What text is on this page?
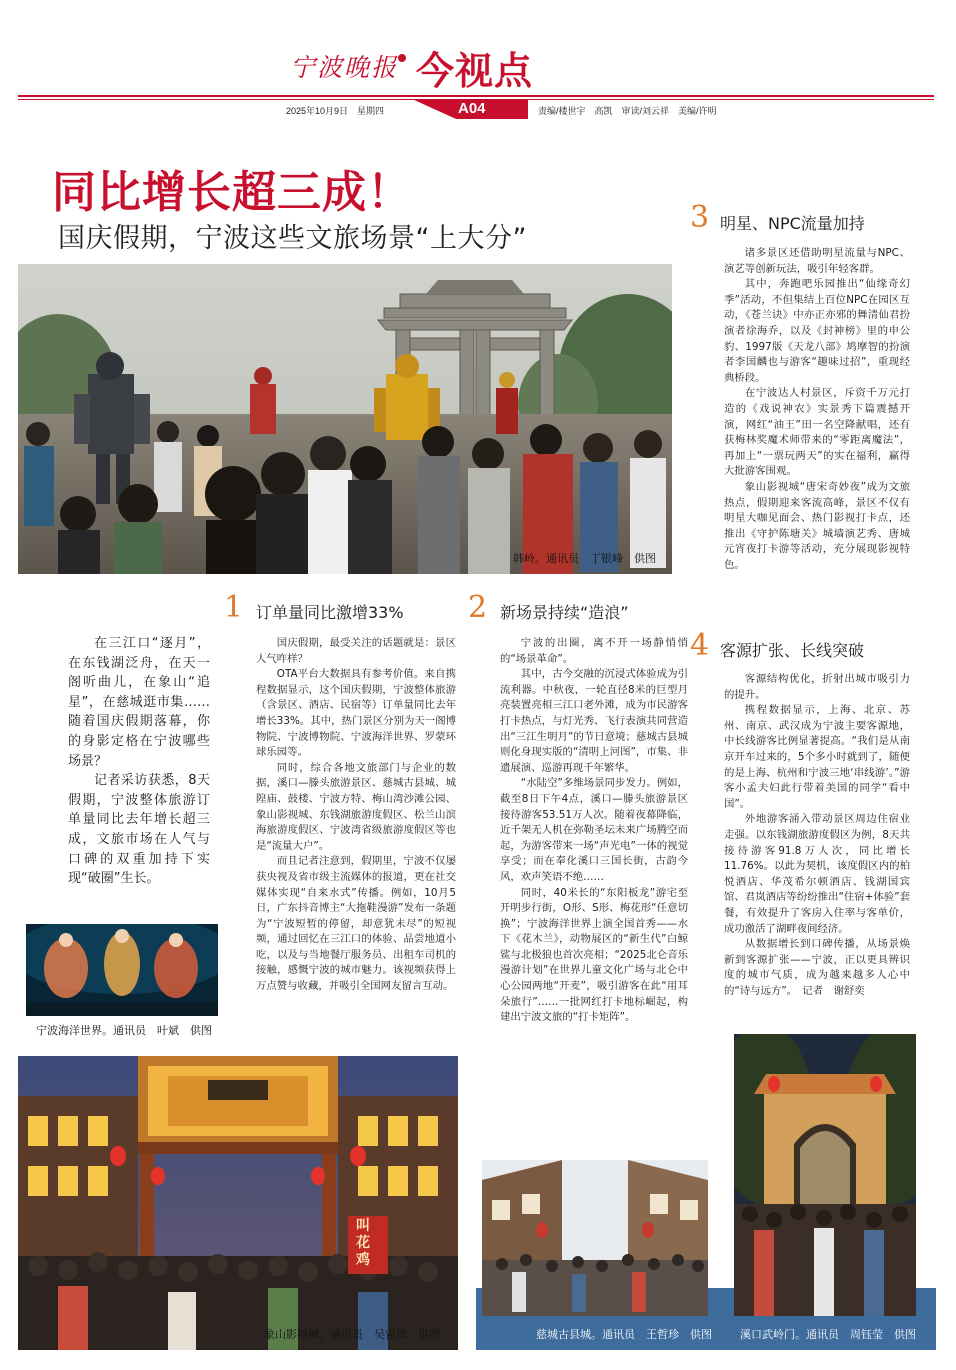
宁波晚报 今视点
A04
2025年10月9日　星期四	责编/楼世宇　高凯　审读/刘云祥　美编/许明
同比增长超三成！
国庆假期，宁波这些文旅场景“上大分”
韩岭。通讯员　丁银峰　供图
3 明星、NPC流量加持

诸多景区还借助明星流量与NPC、演艺等创新玩法，吸引年轻客群。

其中，奔跑吧乐园推出“仙缘奇幻季”活动，不但集结上百位NPC在园区互动，《苍兰诀》中亦正亦邪的舞清仙君扮演者徐海乔，以及《封神榜》里的申公豹、1997版《天龙八部》鸠摩智的扮演者李国麟也与游客“趣味过招”，重现经典桥段。

在宁波达人村景区，斥资千万元打造的《戏说神农》实景秀下篇震撼开演，网红“油王”田一名空降献唱，还有获梅林奖魔术师带来的“零距离魔法”，再加上“一票玩两天”的实在福利，赢得大批游客围观。

象山影视城“唐宋奇妙夜”成为文旅热点，假期迎来客流高峰，景区不仅有明星大咖见面会、热门影视打卡点，还推出《守护陈塘关》城墙演艺秀、唐城元宵夜打卡游等活动，充分展现影视特色。

在三江口“逐月”，在东钱湖泛舟，在天一阁听曲儿，在象山“追星”，在慈城逛市集……随着国庆假期落幕，你的身影定格在宁波哪些场景？

记者采访获悉，8天假期，宁波整体旅游订单量同比去年增长超三成，文旅市场在人气与口碑的双重加持下实现“破圈”生长。

宁波海洋世界。通讯员　叶斌　供图
1 订单量同比激增33%

国庆假期，最受关注的话题就是：景区人气咋样？

OTA平台大数据具有参考价值。来自携程数据显示，这个国庆假期，宁波整体旅游（含景区、酒店、民宿等）订单量同比去年增长33%。其中，热门景区分别为天一阁博物院、宁波博物院、宁波海洋世界、罗蒙环球乐园等。

同时，综合各地文旅部门与企业的数据，溪口—滕头旅游景区、慈城古县城、城隍庙、鼓楼、宁波方特、梅山湾沙滩公园、象山影视城、东钱湖旅游度假区、松兰山滨海旅游度假区、宁波湾省级旅游度假区等也是“流量大户”。

而且记者注意到，假期里，宁波不仅屡获央视及省市级主流媒体的报道，更在社交媒体实现“自来水式”传播。例如，10月5日，广东抖音博主“大拖鞋漫游”发布一条题为“宁波短暂的停留，却意犹未尽”的短视频，通过回忆在三江口的体验、品尝地道小吃，以及与当地餐厅服务员、出租车司机的接触，感慨宁波的城市魅力。该视频获得上万点赞与收藏，并吸引全国网友留言互动。

2 新场景持续“造浪”

宁波的出圈，离不开一场静悄悄的“场景革命”。

其中，古今交融的沉浸式体验成为引流利器。中秋夜，一轮直径8米的巨型月亮装置亮相三江口老外滩，成为市民游客打卡热点，与灯光秀、飞行表演共同营造出“三江生明月”的节日意境；慈城古县城则化身现实版的“清明上河图”，市集、非遗展演、巡游再现千年繁华。

“水陆空”多维场景同步发力。例如，截至8日下午4点，溪口—滕头旅游景区接待游客53.51万人次。随着夜幕降临，近千架无人机在弥勒圣坛未来广场腾空而起，为游客带来一场“声光电”一体的视觉享受；而在奉化溪口三国长街，古韵今风，欢声笑语不绝……

同时，40米长的“东阳板龙”游宅至开明步行街，O形、S形、梅花形“任意切换”；宁波海洋世界上演全国首秀——水下《花木兰》，动物展区的“新生代”白鲸鲨与北极狼也首次亮相；“2025北仑音乐漫游计划”在世界儿童文化广场与北仑中心公园两地“开麦”，吸引游客在此“用耳朵旅行”……一批网红打卡地标崛起，构建出宁波文旅的“打卡矩阵”。

4 客源扩张、长线突破

客源结构优化，折射出城市吸引力的提升。

携程数据显示，上海、北京、苏州、南京、武汉成为宁波主要客源地，中长线游客比例显著提高。“我们是从南京开车过来的，5个多小时就到了，随便的是上海、杭州和宁波三地‘串线游’。”游客小孟夫妇此行带着美国的同学“看中国”。

外地游客涌入带动景区周边住宿业走强。以东钱湖旅游度假区为例，8天共接待游客91.8万人次，同比增长11.76%。以此为契机，该度假区内的柏悦酒店、华茂希尔顿酒店、钱湖国宾馆、君岚酒店等纷纷推出“住宿+体验”套餐，有效提升了客房入住率与客单价，成功激活了湖畔夜间经济。

从数据增长到口碑传播，从场景焕新到客源扩张——宁波，正以更具辨识度的城市气质，成为越来越多人心中的“诗与远方”。　记者　谢舒奕

叫花鸡
象山影视城。通讯员　吴宙洋　供图	慈城古县城。通讯员　王哲珍　供图	溪口武岭门。通讯员　周钰莹　供图
